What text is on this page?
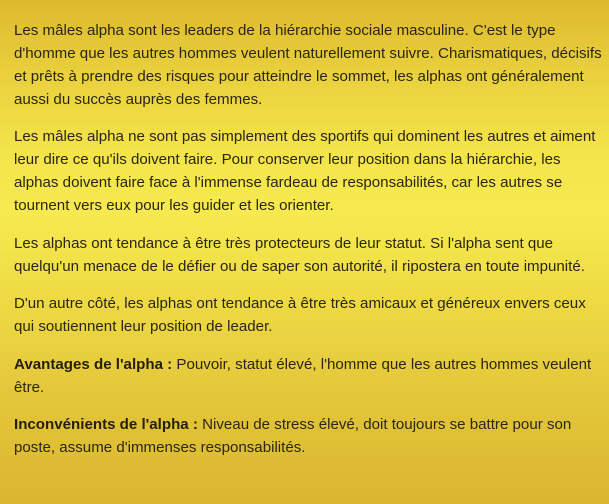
Les mâles alpha sont les leaders de la hiérarchie sociale masculine. C'est le type d'homme que les autres hommes veulent naturellement suivre. Charismatiques, décisifs et prêts à prendre des risques pour atteindre le sommet, les alphas ont généralement aussi du succès auprès des femmes.

Les mâles alpha ne sont pas simplement des sportifs qui dominent les autres et aiment leur dire ce qu'ils doivent faire. Pour conserver leur position dans la hiérarchie, les alphas doivent faire face à l'immense fardeau de responsabilités, car les autres se tournent vers eux pour les guider et les orienter.

Les alphas ont tendance à être très protecteurs de leur statut. Si l'alpha sent que quelqu'un menace de le défier ou de saper son autorité, il ripostera en toute impunité.

D'un autre côté, les alphas ont tendance à être très amicaux et généreux envers ceux qui soutiennent leur position de leader.

Avantages de l'alpha : Pouvoir, statut élevé, l'homme que les autres hommes veulent être.

Inconvénients de l'alpha : Niveau de stress élevé, doit toujours se battre pour son poste, assume d'immenses responsabilités.
